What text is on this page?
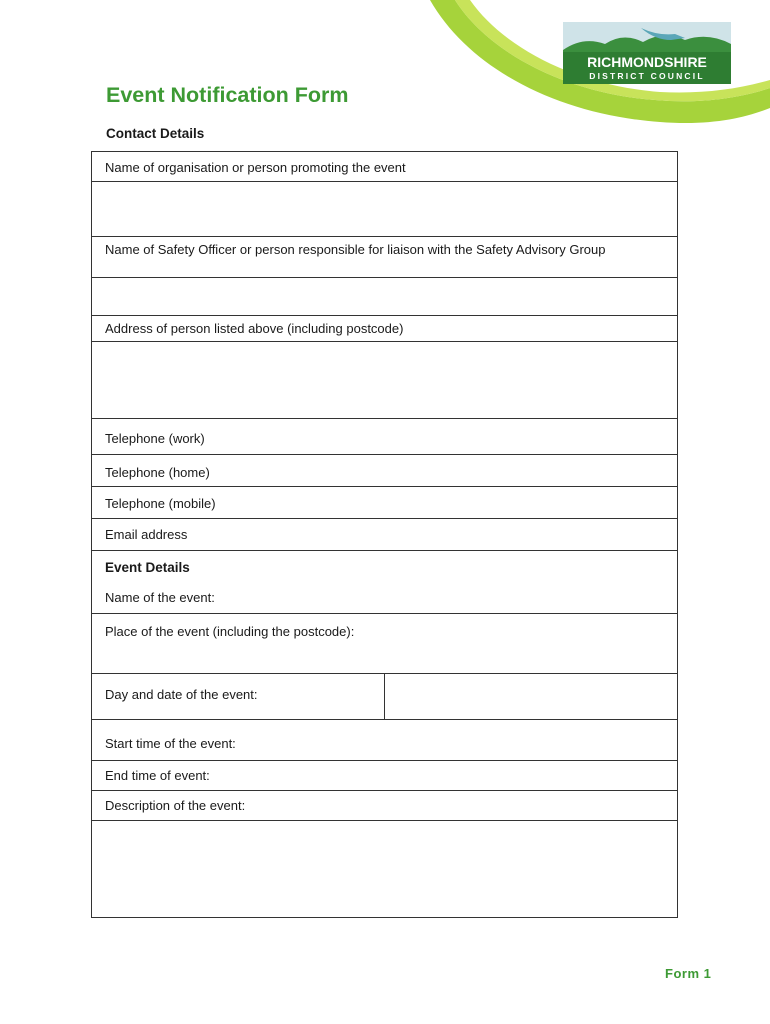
RICHMONDSHIRE
DISTRICT COUNCIL
Event Notification Form
Contact Details
Name of organisation or person promoting the event
Name of Safety Officer or person responsible for liaison with the Safety Advisory Group
Address of person listed above (including postcode)
Telephone (work)
Telephone (home)
Telephone (mobile)
Email address
Event Details
Name of the event:
Place of the event (including the postcode):
Day and date of the event:
Start time of the event:
End time of event:
Description of the event:
Form 1
